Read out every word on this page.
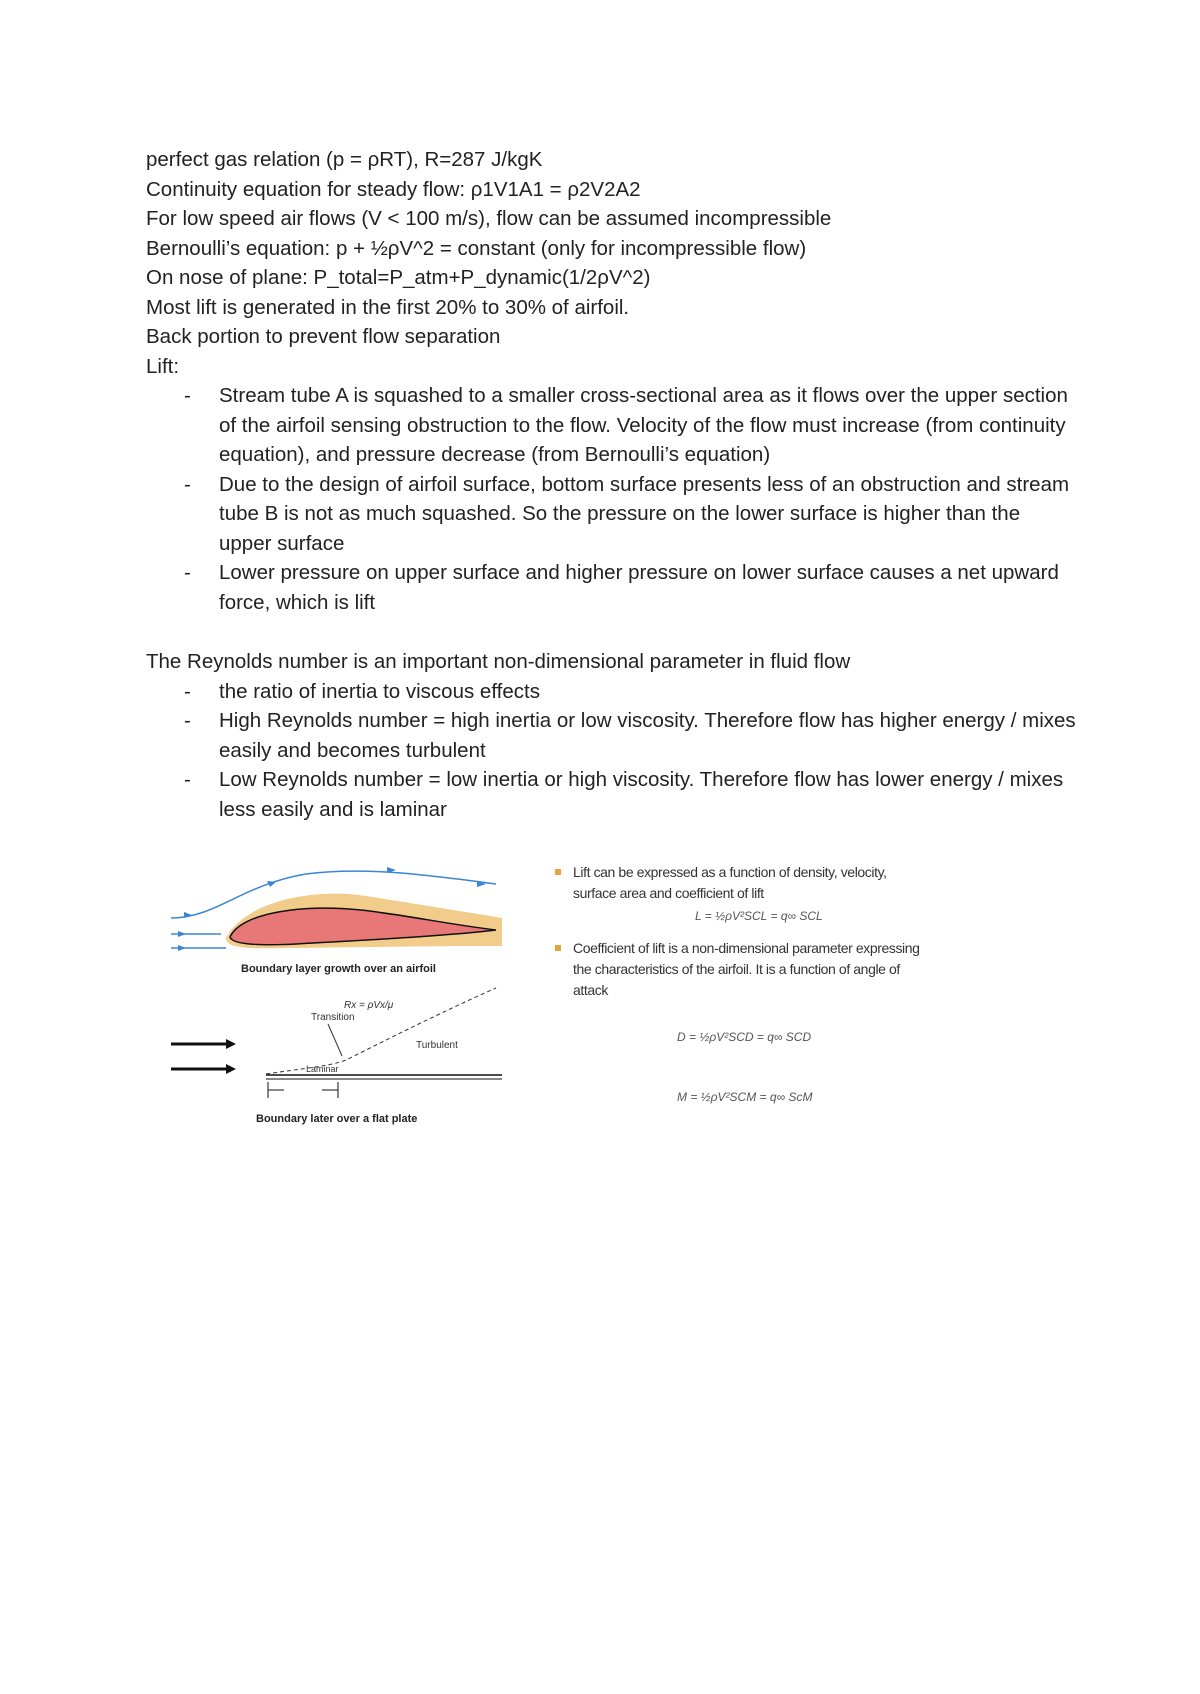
perfect gas relation (p = ρRT), R=287 J/kgK
Continuity equation for steady flow: ρ1V1A1 = ρ2V2A2
For low speed air flows (V < 100 m/s), flow can be assumed incompressible
Bernoulli’s equation: p + ½ρV^2 = constant (only for incompressible flow)
On nose of plane: P_total=P_atm+P_dynamic(1/2ρV^2)
Most lift is generated in the first 20% to 30% of airfoil.
Back portion to prevent flow separation
Lift:
- Stream tube A is squashed to a smaller cross-sectional area as it flows over the upper section of the airfoil sensing obstruction to the flow. Velocity of the flow must increase (from continuity equation), and pressure decrease (from Bernoulli’s equation)
- Due to the design of airfoil surface, bottom surface presents less of an obstruction and stream tube B is not as much squashed. So the pressure on the lower surface is higher than the upper surface
- Lower pressure on upper surface and higher pressure on lower surface causes a net upward force, which is lift
The Reynolds number is an important non-dimensional parameter in fluid flow
- the ratio of inertia to viscous effects
- High Reynolds number = high inertia or low viscosity. Therefore flow has higher energy / mixes easily and becomes turbulent
- Low Reynolds number = low inertia or high viscosity. Therefore flow has lower energy / mixes less easily and is laminar
Boundary layer growth over an airfoil
Rx = ρVx/μ
Transition
Turbulent
Laminar
Boundary later over a flat plate
Lift can be expressed as a function of density, velocity, surface area and coefficient of lift
L = ½ρV²SCL = q∞ SCL
Coefficient of lift is a non-dimensional parameter expressing the characteristics of the airfoil. It is a function of angle of attack
D = ½ρV²SCD = q∞ SCD
M = ½ρV²SCM = q∞ ScM
